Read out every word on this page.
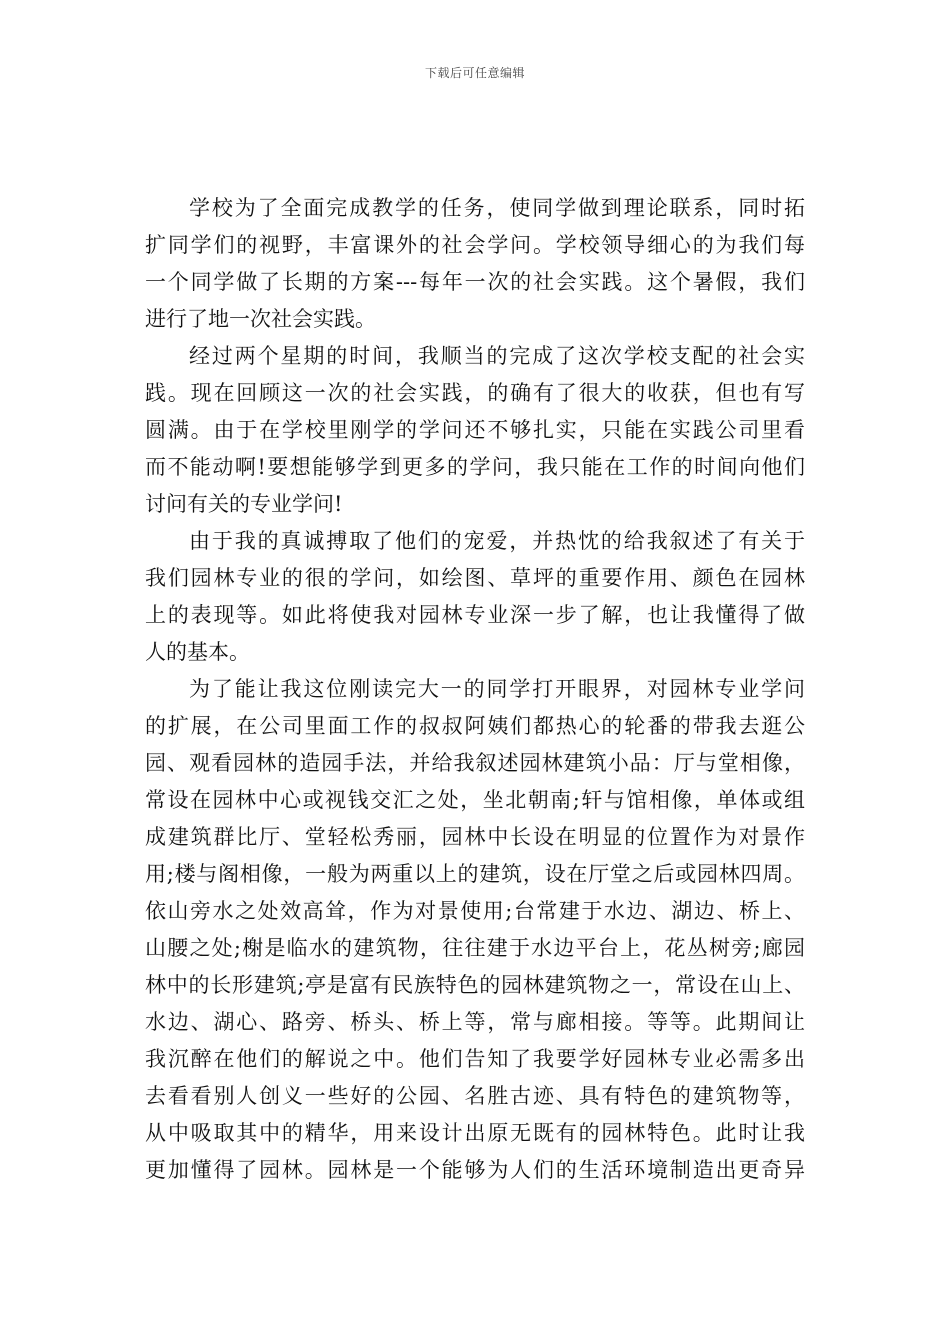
下载后可任意编辑
学校为了全面完成教学的任务，使同学做到理论联系，同时拓
扩同学们的视野，丰富课外的社会学问。学校领导细心的为我们每
一个同学做了长期的方案---每年一次的社会实践。这个暑假，我们
进行了地一次社会实践。
经过两个星期的时间，我顺当的完成了这次学校支配的社会实
践。现在回顾这一次的社会实践，的确有了很大的收获，但也有写
圆满。由于在学校里刚学的学问还不够扎实，只能在实践公司里看
而不能动啊!要想能够学到更多的学问，我只能在工作的时间向他们
讨问有关的专业学问!
由于我的真诚搏取了他们的宠爱，并热忱的给我叙述了有关于
我们园林专业的很的学问，如绘图、草坪的重要作用、颜色在园林
上的表现等。如此将使我对园林专业深一步了解，也让我懂得了做
人的基本。
为了能让我这位刚读完大一的同学打开眼界，对园林专业学问
的扩展，在公司里面工作的叔叔阿姨们都热心的轮番的带我去逛公
园、观看园林的造园手法，并给我叙述园林建筑小品：厅与堂相像，
常设在园林中心或视钱交汇之处，坐北朝南;轩与馆相像，单体或组
成建筑群比厅、堂轻松秀丽，园林中长设在明显的位置作为对景作
用;楼与阁相像，一般为两重以上的建筑，设在厅堂之后或园林四周。
依山旁水之处效高耸，作为对景使用;台常建于水边、湖边、桥上、
山腰之处;榭是临水的建筑物，往往建于水边平台上，花丛树旁;廊园
林中的长形建筑;亭是富有民族特色的园林建筑物之一，常设在山上、
水边、湖心、路旁、桥头、桥上等，常与廊相接。等等。此期间让
我沉醉在他们的解说之中。他们告知了我要学好园林专业必需多出
去看看别人创义一些好的公园、名胜古迹、具有特色的建筑物等，
从中吸取其中的精华，用来设计出原无既有的园林特色。此时让我
更加懂得了园林。园林是一个能够为人们的生活环境制造出更奇异
